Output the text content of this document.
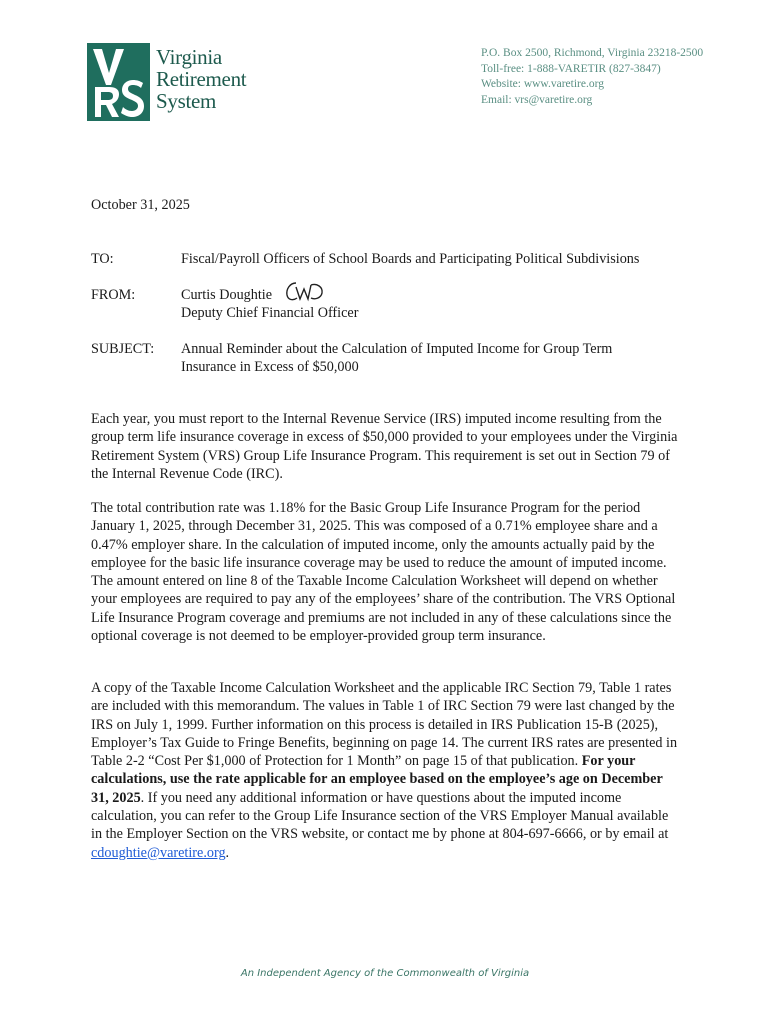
Virginia
Retirement
System
P.O. Box 2500, Richmond, Virginia 23218-2500
Toll-free: 1-888-VARETIR (827-3847)
Website: www.varetire.org
Email: vrs@varetire.org
October 31, 2025
TO:	Fiscal/Payroll Officers of School Boards and Participating Political Subdivisions
FROM:	Curtis Doughtie
Deputy Chief Financial Officer
SUBJECT: Annual Reminder about the Calculation of Imputed Income for Group Term
Insurance in Excess of $50,000

Each year, you must report to the Internal Revenue Service (IRS) imputed income resulting from the group term life insurance coverage in excess of $50,000 provided to your employees under the Virginia Retirement System (VRS) Group Life Insurance Program. This requirement is set out in Section 79 of the Internal Revenue Code (IRC).

The total contribution rate was 1.18% for the Basic Group Life Insurance Program for the period January 1, 2025, through December 31, 2025. This was composed of a 0.71% employee share and a 0.47% employer share. In the calculation of imputed income, only the amounts actually paid by the employee for the basic life insurance coverage may be used to reduce the amount of imputed income. The amount entered on line 8 of the Taxable Income Calculation Worksheet will depend on whether your employees are required to pay any of the employees’ share of the contribution. The VRS Optional Life Insurance Program coverage and premiums are not included in any of these calculations since the optional coverage is not deemed to be employer-provided group term insurance.

A copy of the Taxable Income Calculation Worksheet and the applicable IRC Section 79, Table 1 rates are included with this memorandum. The values in Table 1 of IRC Section 79 were last changed by the IRS on July 1, 1999. Further information on this process is detailed in IRS Publication 15-B (2025), Employer’s Tax Guide to Fringe Benefits, beginning on page 14. The current IRS rates are presented in Table 2-2 “Cost Per $1,000 of Protection for 1 Month” on page 15 of that publication. For your calculations, use the rate applicable for an employee based on the employee’s age on December 31, 2025. If you need any additional information or have questions about the imputed income calculation, you can refer to the Group Life Insurance section of the VRS Employer Manual available in the Employer Section on the VRS website, or contact me by phone at 804-697-6666, or by email at cdoughtie@varetire.org.

An Independent Agency of the Commonwealth of Virginia
